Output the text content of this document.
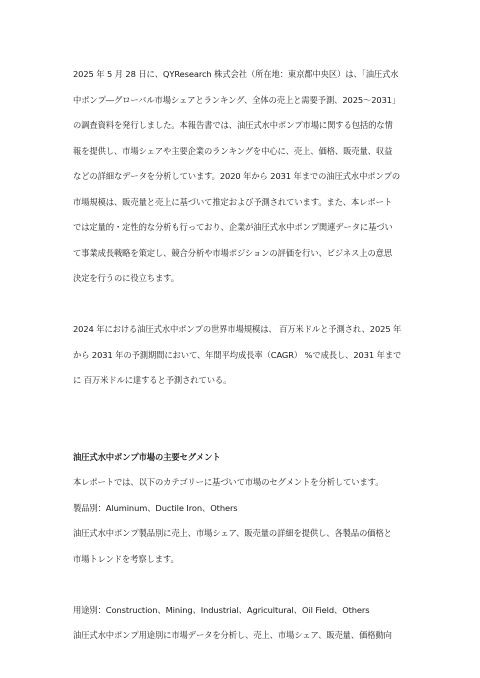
2025 年 5 月 28 日に、QYResearch 株式会社（所在地：東京都中央区）は、「油圧式水

中ポンプ―グローバル市場シェアとランキング、全体の売上と需要予測、2025～2031」

の調査資料を発行しました。本報告書では、油圧式水中ポンプ市場に関する包括的な情

報を提供し、市場シェアや主要企業のランキングを中心に、売上、価格、販売量、収益

などの詳細なデータを分析しています。2020 年から 2031 年までの油圧式水中ポンプの

市場規模は、販売量と売上に基づいて推定および予測されています。また、本レポート

では定量的・定性的な分析も行っており、企業が油圧式水中ポンプ関連データに基づい

て事業成長戦略を策定し、競合分析や市場ポジションの評価を行い、ビジネス上の意思

決定を行うのに役立ちます。

2024 年における油圧式水中ポンプの世界市場規模は、 百万米ドルと予測され、2025 年

から 2031 年の予測期間において、年間平均成長率（CAGR） %で成長し、2031 年まで

に 百万米ドルに達すると予測されている。

油圧式水中ポンプ市場の主要セグメント

本レポートでは、以下のカテゴリーに基づいて市場のセグメントを分析しています。

製品別：Aluminum、Ductile Iron、Others

油圧式水中ポンプ製品別に売上、市場シェア、販売量の詳細を提供し、各製品の価格と

市場トレンドを考察します。

用途別：Construction、Mining、Industrial、Agricultural、Oil Field、Others

油圧式水中ポンプ用途別に市場データを分析し、売上、市場シェア、販売量、価格動向
